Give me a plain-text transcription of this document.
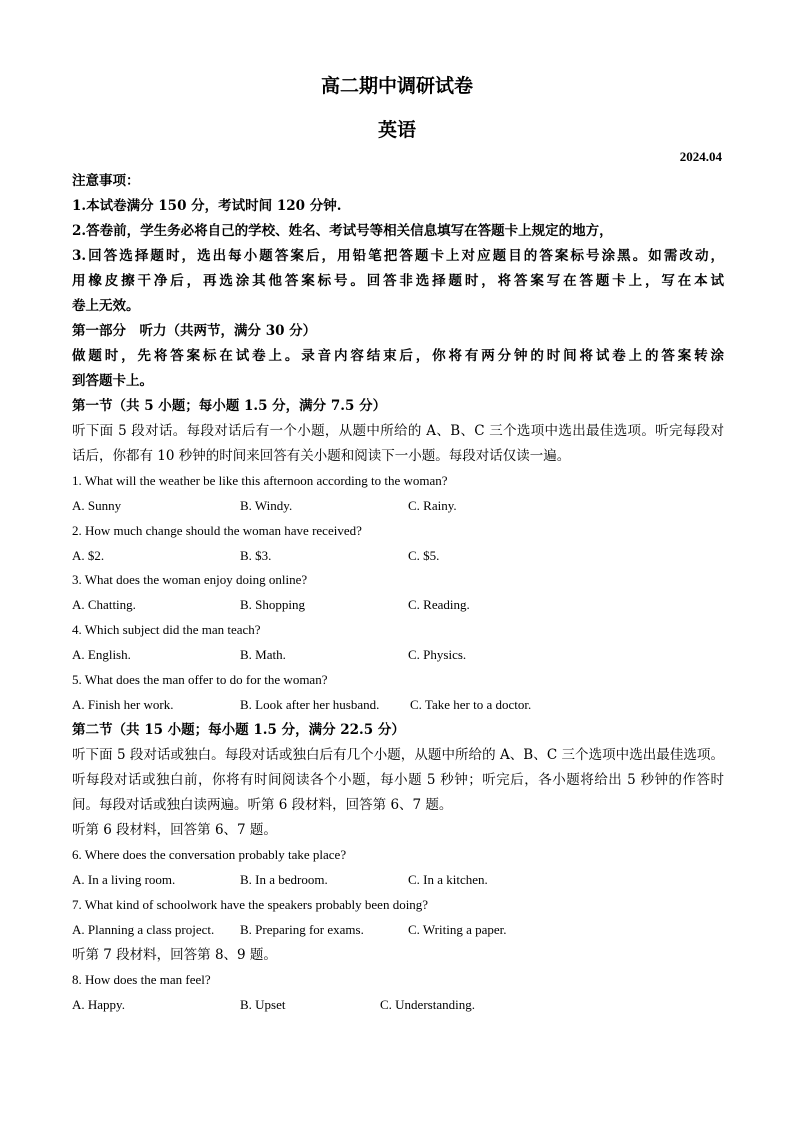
高二期中调研试卷
英语
2024.04
注意事项：
1.本试卷满分 150 分，考试时间 120 分钟.
2.答卷前，学生务必将自己的学校、姓名、考试号等相关信息填写在答题卡上规定的地方，
3.回答选择题时，选出每小题答案后，用铅笔把答题卡上对应题目的答案标号涂黑。如需改动，
用橡皮擦干净后，再选涂其他答案标号。回答非选择题时，将答案写在答题卡上，写在本试
卷上无效。
第一部分　听力（共两节，满分 30 分）
做题时，先将答案标在试卷上。录音内容结束后，你将有两分钟的时间将试卷上的答案转涂
到答题卡上。
第一节（共 5 小题；每小题 1.5 分，满分 7.5 分）
听下面 5 段对话。每段对话后有一个小题，从题中所给的 A、B、C 三个选项中选出最佳选项。听完每段对
话后，你都有 10 秒钟的时间来回答有关小题和阅读下一小题。每段对话仅读一遍。
1. What will the weather be like this afternoon according to the woman?
A. Sunny	B. Windy.	C. Rainy.
2. How much change should the woman have received?
A. $2.	B. $3.	C. $5.
3. What does the woman enjoy doing online?
A. Chatting.	B. Shopping	C. Reading.
4. Which subject did the man teach?
A. English.	B. Math.	C. Physics.
5. What does the man offer to do for the woman?
A. Finish her work.	B. Look after her husband. C. Take her to a doctor.
第二节（共 15 小题；每小题 1.5 分，满分 22.5 分）
听下面 5 段对话或独白。每段对话或独白后有几个小题，从题中所给的 A、B、C 三个选项中选出最佳选项。
听每段对话或独白前，你将有时间阅读各个小题，每小题 5 秒钟；听完后，各小题将给出 5 秒钟的作答时
间。每段对话或独白读两遍。听第 6 段材料，回答第 6、7 题。
听第 6 段材料，回答第 6、7 题。
6. Where does the conversation probably take place?
A. In a living room.	B. In a bedroom.	C. In a kitchen.
7. What kind of schoolwork have the speakers probably been doing?
A. Planning a class project. B. Preparing for exams.	C. Writing a paper.
听第 7 段材料，回答第 8、9 题。
8. How does the man feel?
A. Happy.	B. Upset	C. Understanding.
